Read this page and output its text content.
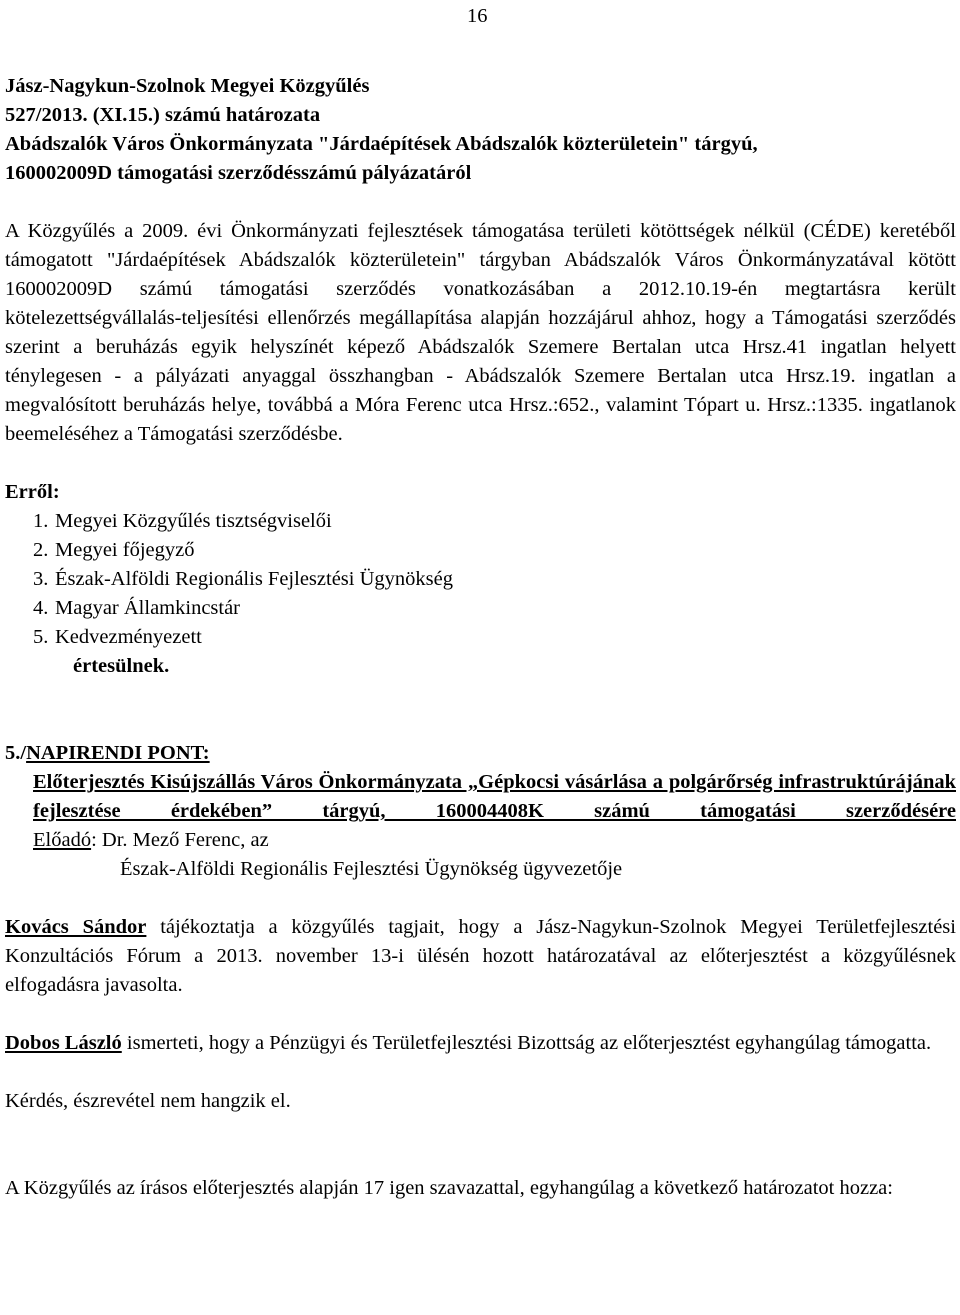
16

Jász-Nagykun-Szolnok Megyei Közgyűlés

527/2013. (XI.15.) számú határozata

Abádszalók Város Önkormányzata "Járdaépítések Abádszalók közterületein" tárgyú,

160002009D támogatási szerződésszámú pályázatáról

A Közgyűlés a 2009. évi Önkormányzati fejlesztések támogatása területi kötöttségek nélkül (CÉDE) keretéből támogatott "Járdaépítések Abádszalók közterületein" tárgyban Abádszalók Város Önkormányzatával kötött 160002009D számú támogatási szerződés vonatkozásában a 2012.10.19-én megtartásra került kötelezettségvállalás-teljesítési ellenőrzés megállapítása alapján hozzájárul ahhoz, hogy a Támogatási szerződés szerint a beruházás egyik helyszínét képező Abádszalók Szemere Bertalan utca Hrsz.41 ingatlan helyett ténylegesen - a pályázati anyaggal összhangban - Abádszalók Szemere Bertalan utca Hrsz.19. ingatlan a megvalósított beruházás helye, továbbá a Móra Ferenc utca Hrsz.:652., valamint Tópart u. Hrsz.:1335. ingatlanok beemeléséhez a Támogatási szerződésbe.

Erről:

1. Megyei Közgyűlés tisztségviselői
2. Megyei főjegyző
3. Észak-Alföldi Regionális Fejlesztési Ügynökség
4. Magyar Államkincstár
5. Kedvezményezett

értesülnek.

5./NAPIRENDI PONT:

Előterjesztés Kisújszállás Város Önkormányzata „Gépkocsi vásárlása a polgárőrség infrastruktúrájának fejlesztése érdekében” tárgyú, 160004408K számú támogatási szerződésére

Előadó: Dr. Mező Ferenc, az

Észak-Alföldi Regionális Fejlesztési Ügynökség ügyvezetője

Kovács Sándor tájékoztatja a közgyűlés tagjait, hogy a Jász-Nagykun-Szolnok Megyei Területfejlesztési Konzultációs Fórum a 2013. november 13-i ülésén hozott határozatával az előterjesztést a közgyűlésnek elfogadásra javasolta.

Dobos László ismerteti, hogy a Pénzügyi és Területfejlesztési Bizottság az előterjesztést egyhangúlag támogatta.

Kérdés, észrevétel nem hangzik el.

A Közgyűlés az írásos előterjesztés alapján 17 igen szavazattal, egyhangúlag a következő határozatot hozza:
